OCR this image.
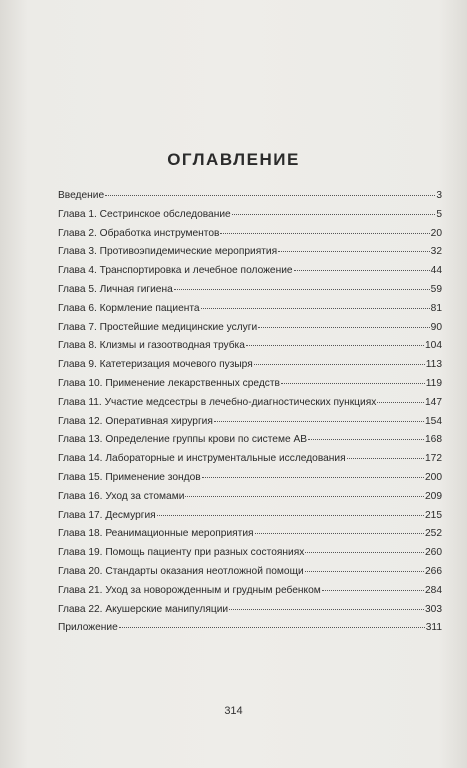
ОГЛАВЛЕНИЕ
Введение	3
Глава 1. Сестринское обследование	5
Глава 2. Обработка инструментов	20
Глава 3. Противоэпидемические мероприятия	32
Глава 4. Транспортировка и лечебное положение	44
Глава 5. Личная гигиена	59
Глава 6. Кормление пациента	81
Глава 7. Простейшие медицинские услуги	90
Глава 8. Клизмы и газоотводная трубка	104
Глава 9. Катетеризация мочевого пузыря	113
Глава 10. Применение лекарственных средств	119
Глава 11. Участие медсестры в лечебно-диагностических пункциях	147
Глава 12. Оперативная хирургия	154
Глава 13. Определение группы крови по системе АВ	168
Глава 14. Лабораторные и инструментальные исследования	172
Глава 15. Применение зондов	200
Глава 16. Уход за стомами	209
Глава 17. Десмургия	215
Глава 18. Реанимационные мероприятия	252
Глава 19. Помощь пациенту при разных состояниях	260
Глава 20. Стандарты оказания неотложной помощи	266
Глава 21. Уход за новорожденным и грудным ребенком	284
Глава 22. Акушерские манипуляции	303
Приложение	311
314
